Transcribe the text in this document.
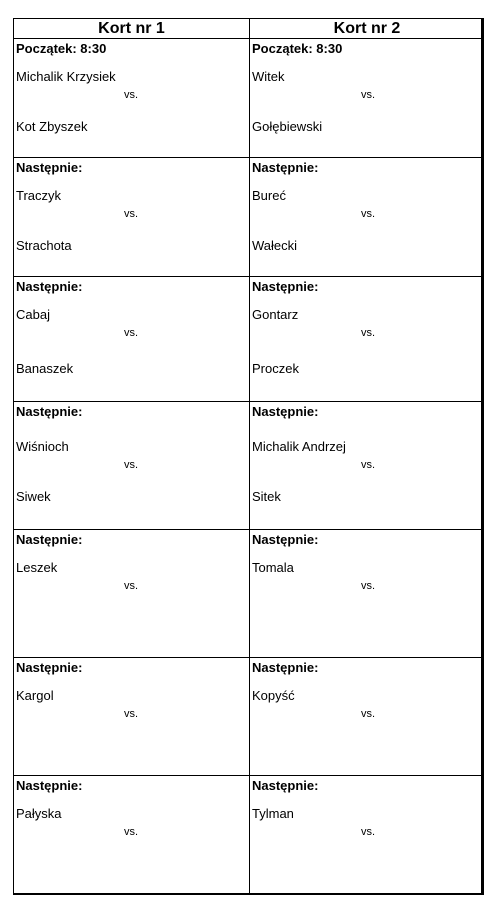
Kort nr 1
Początek: 8:30
Michalik Krzysiek
vs.
Kot Zbyszek
Następnie:
Traczyk
vs.
Strachota
Następnie:
Cabaj
vs.
Banaszek
Następnie:
Wiśnioch
vs.
Siwek
Następnie:
Leszek
vs.
Następnie:
Kargol
vs.
Następnie:
Pałyska
vs.
Kort nr 2
Początek: 8:30
Witek
vs.
Gołębiewski
Następnie:
Bureć
vs.
Wałecki
Następnie:
Gontarz
vs.
Proczek
Następnie:
Michalik Andrzej
vs.
Sitek
Następnie:
Tomala
vs.
Następnie:
Kopyść
vs.
Następnie:
Tylman
vs.
